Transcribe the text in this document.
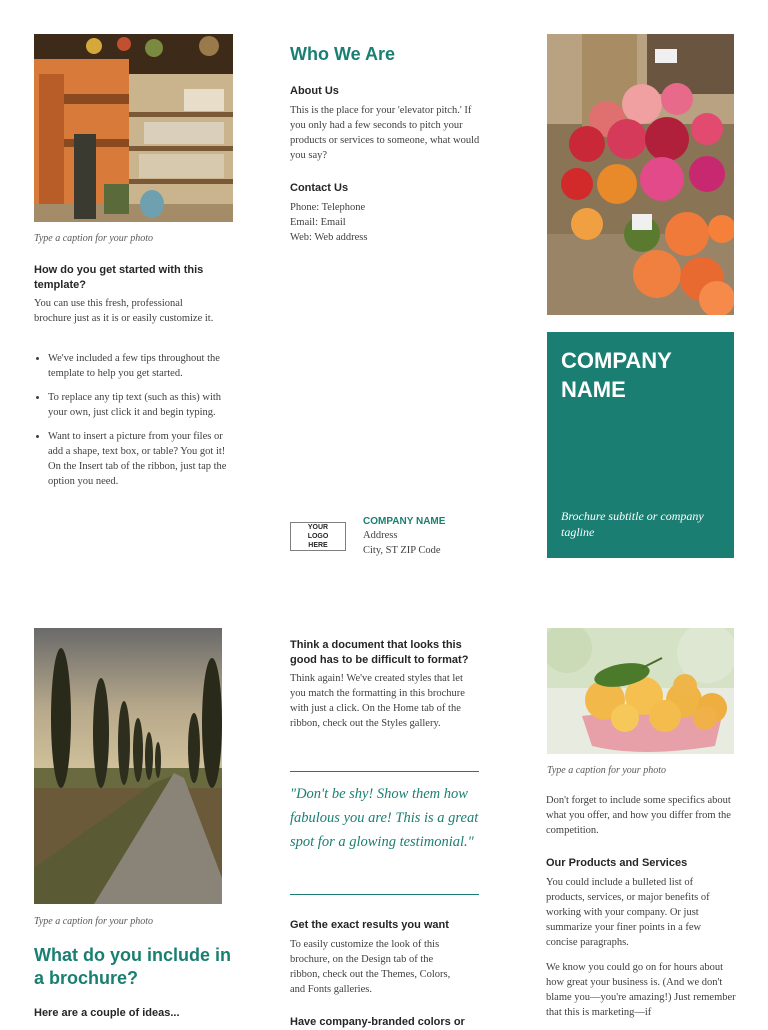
Type a caption for your photo
How do you get started with this template?
You can use this fresh, professional brochure just as it is or easily customize it.
• We've included a few tips throughout the template to help you get started.
• To replace any tip text (such as this) with your own, just click it and begin typing.
• Want to insert a picture from your files or add a shape, text box, or table? You got it! On the Insert tab of the ribbon, just tap the option you need.
Who We Are
About Us
This is the place for your 'elevator pitch.' If you only had a few seconds to pitch your products or services to someone, what would you say?
Contact Us
Phone: Telephone
Email: Email
Web: Web address
YOUR LOGO HERE
COMPANY NAME
Address
City, ST ZIP Code
COMPANY NAME
Brochure subtitle or company tagline
Type a caption for your photo
What do you include in a brochure?
Here are a couple of ideas...
Think a document that looks this good has to be difficult to format?
Think again! We've created styles that let you match the formatting in this brochure with just a click. On the Home tab of the ribbon, check out the Styles gallery.
"Don't be shy! Show them how fabulous you are! This is a great spot for a glowing testimonial."
Get the exact results you want
To easily customize the look of this brochure, on the Design tab of the ribbon, check out the Themes, Colors, and Fonts galleries.
Have company-branded colors or
Type a caption for your photo
Don't forget to include some specifics about what you offer, and how you differ from the competition.
Our Products and Services
You could include a bulleted list of products, services, or major benefits of working with your company. Or just summarize your finer points in a few concise paragraphs.
We know you could go on for hours about how great your business is. (And we don't blame you—you're amazing!) Just remember that this is marketing—if
